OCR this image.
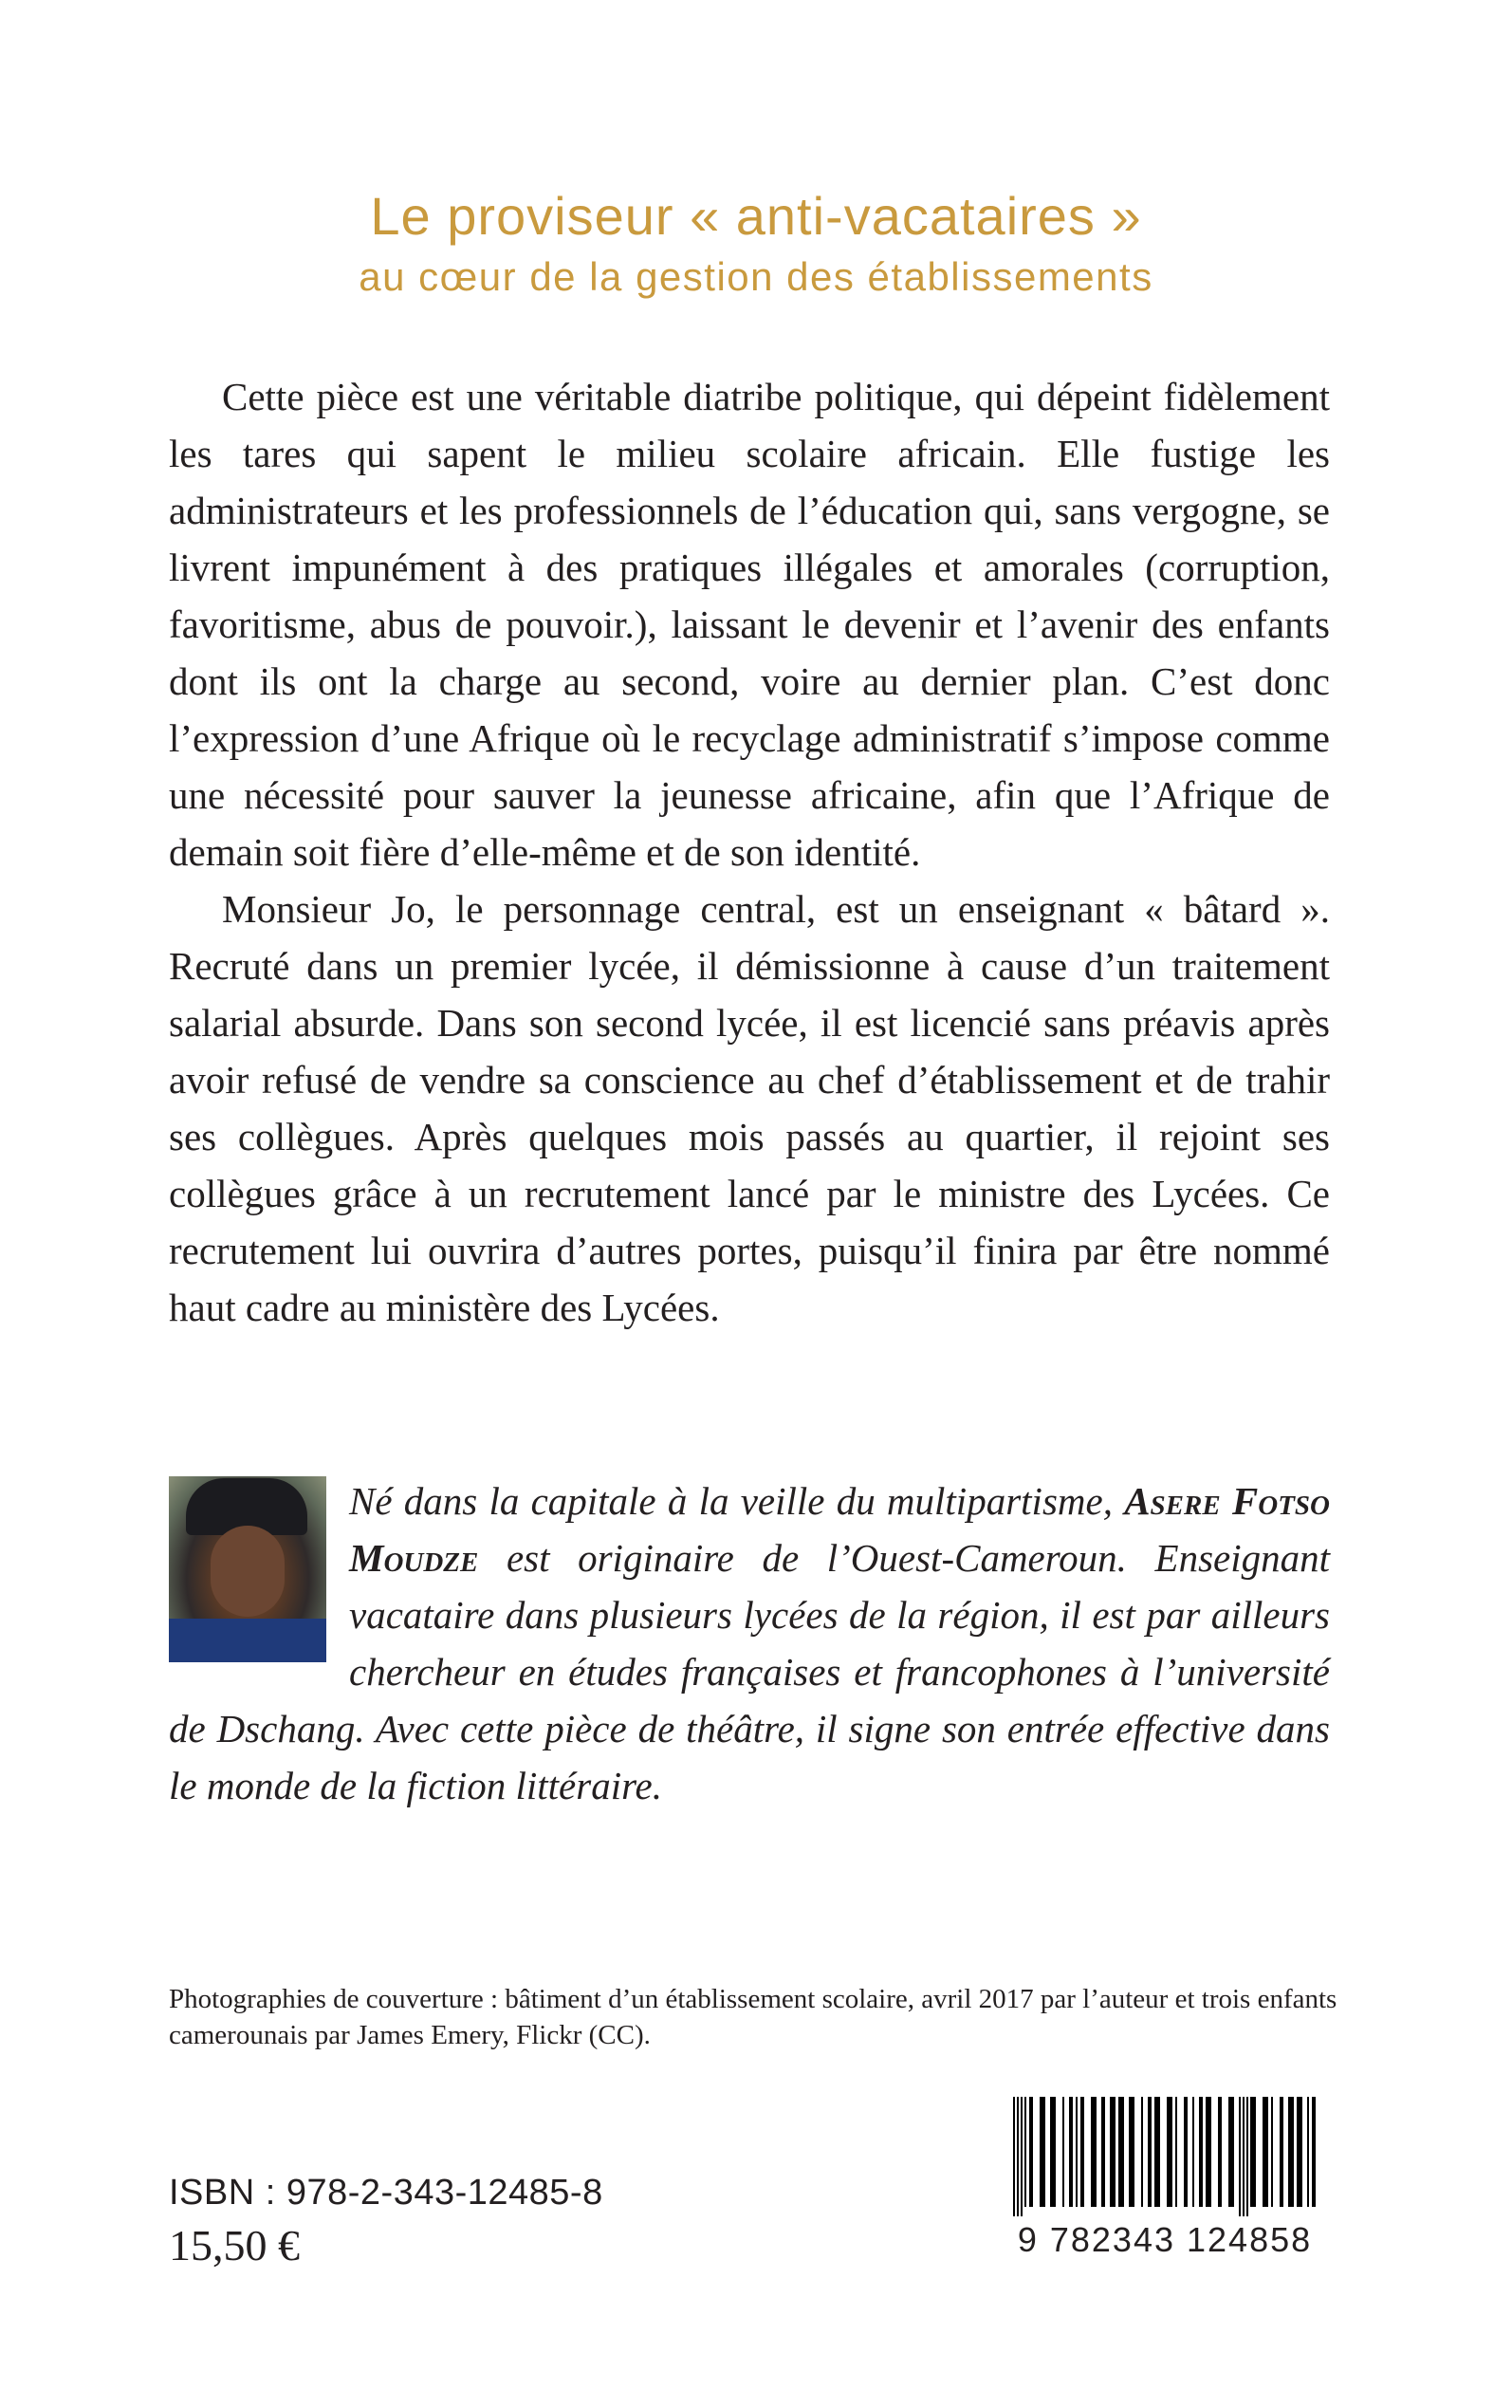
Le proviseur « anti-vacataires »
au cœur de la gestion des établissements

Cette pièce est une véritable diatribe politique, qui dépeint fidèlement les tares qui sapent le milieu scolaire africain. Elle fustige les administrateurs et les professionnels de l’éducation qui, sans vergogne, se livrent impunément à des pratiques illégales et amorales (corruption, favoritisme, abus de pouvoir.), laissant le devenir et l’avenir des enfants dont ils ont la charge au second, voire au dernier plan. C’est donc l’expression d’une Afrique où le recyclage administratif s’impose comme une nécessité pour sauver la jeunesse africaine, afin que l’Afrique de demain soit fière d’elle-même et de son identité.

Monsieur Jo, le personnage central, est un enseignant « bâtard ». Recruté dans un premier lycée, il démissionne à cause d’un traitement salarial absurde. Dans son second lycée, il est licencié sans préavis après avoir refusé de vendre sa conscience au chef d’établissement et de trahir ses collègues. Après quelques mois passés au quartier, il rejoint ses collègues grâce à un recrutement lancé par le ministre des Lycées. Ce recrutement lui ouvrira d’autres portes, puisqu’il finira par être nommé haut cadre au ministère des Lycées.

Né dans la capitale à la veille du multipartisme, Asere Fotso Moudze est originaire de l’Ouest-Cameroun. Enseignant vacataire dans plusieurs lycées de la région, il est par ailleurs chercheur en études françaises et francophones à l’université de Dschang. Avec cette pièce de théâtre, il signe son entrée effective dans le monde de la fiction littéraire.
Photographies de couverture : bâtiment d’un établissement scolaire, avril 2017 par l’auteur et trois enfants camerounais par James Emery, Flickr (CC).
ISBN : 978-2-343-12485-8
15,50 €	9 782343 124858
